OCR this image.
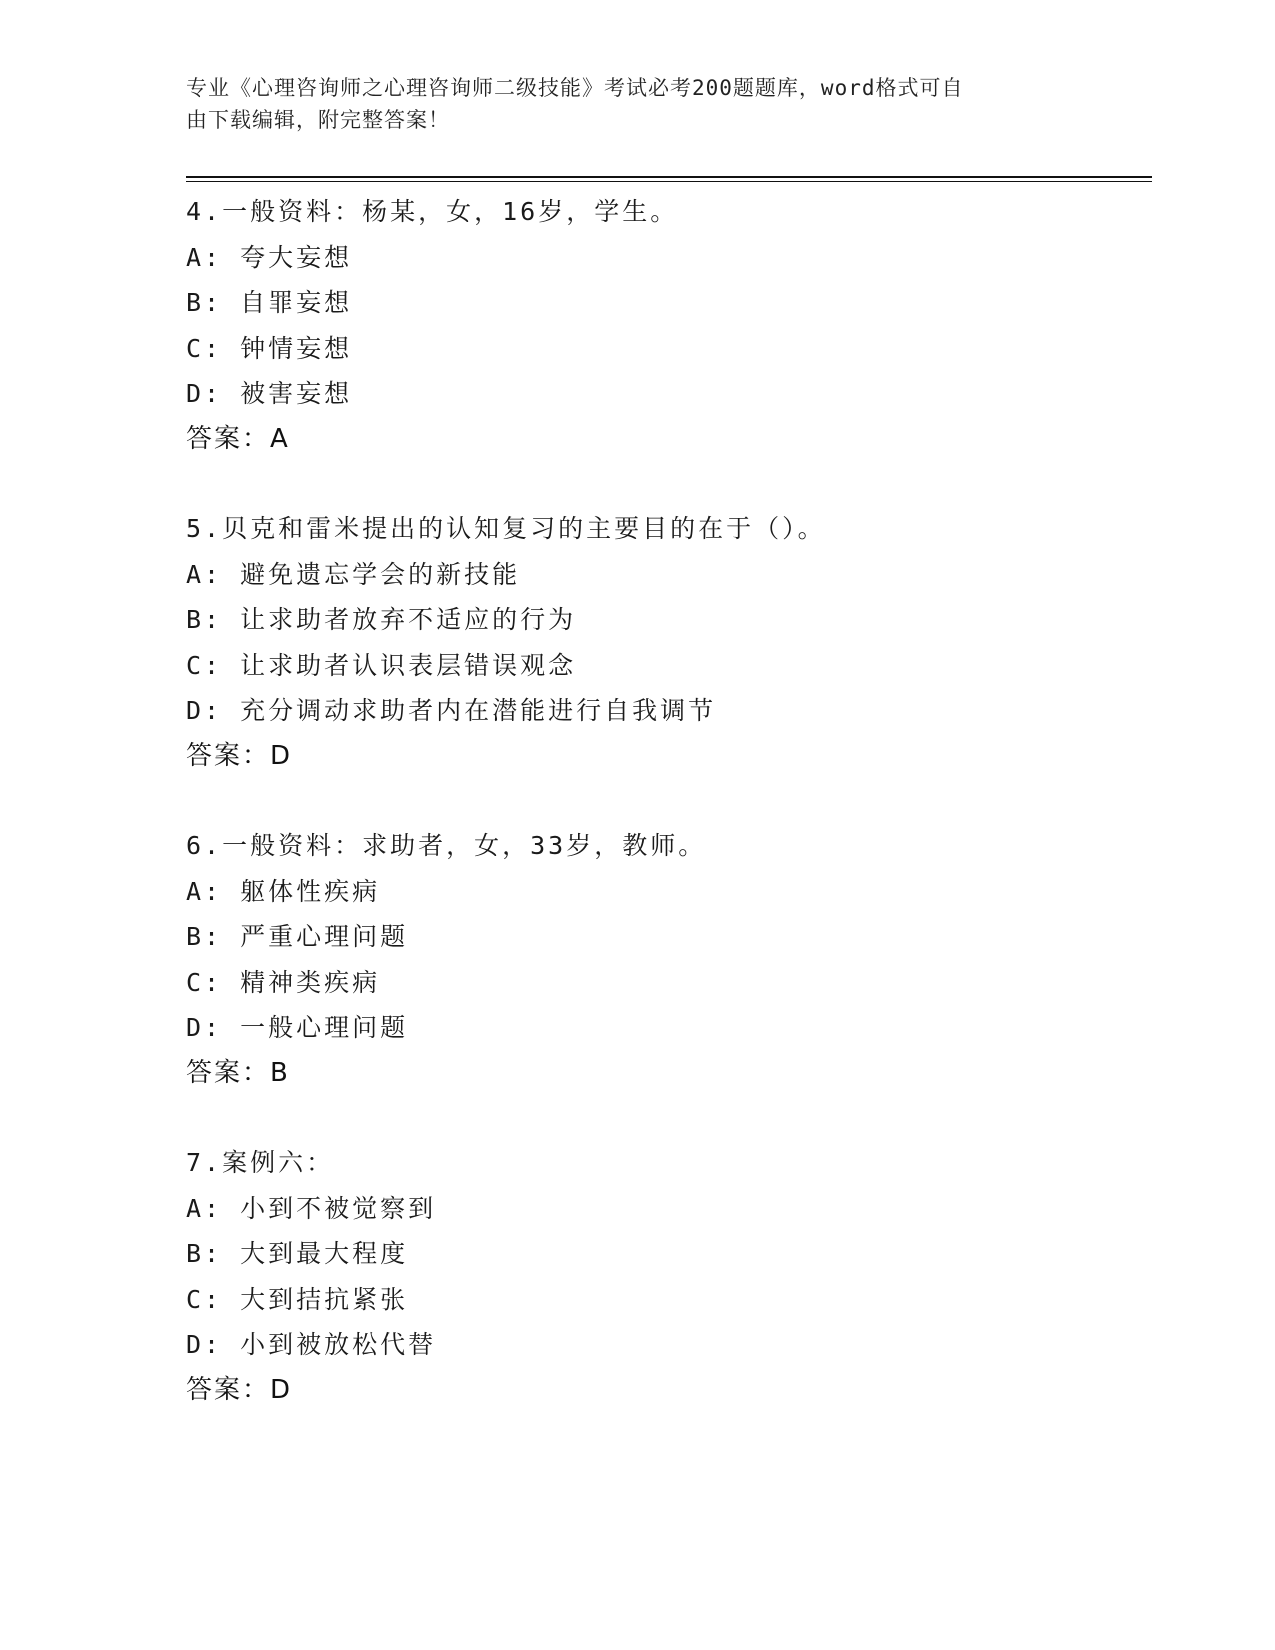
专业《心理咨询师之心理咨询师二级技能》考试必考200题题库，word格式可自
由下载编辑，附完整答案！
4.一般资料：杨某，女，16岁，学生。
A: 夸大妄想
B: 自罪妄想
C: 钟情妄想
D: 被害妄想
答案：A
5.贝克和雷米提出的认知复习的主要目的在于（）。
A: 避免遗忘学会的新技能
B: 让求助者放弃不适应的行为
C: 让求助者认识表层错误观念
D: 充分调动求助者内在潜能进行自我调节
答案：D
6.一般资料：求助者，女，33岁，教师。
A: 躯体性疾病
B: 严重心理问题
C: 精神类疾病
D: 一般心理问题
答案：B
7.案例六：
A: 小到不被觉察到
B: 大到最大程度
C: 大到拮抗紧张
D: 小到被放松代替
答案：D
